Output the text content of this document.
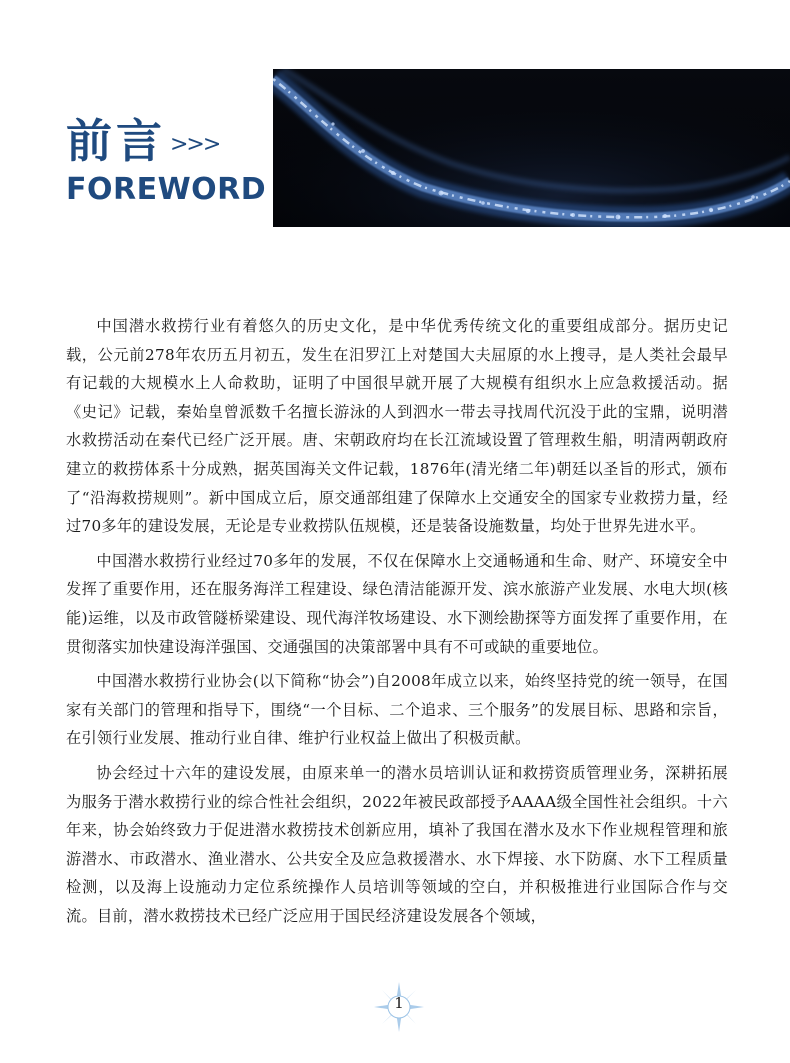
前言 >>>
FOREWORD

中国潜水救捞行业有着悠久的历史文化，是中华优秀传统文化的重要组成部分。据历史记载，公元前278年农历五月初五，发生在汨罗江上对楚国大夫屈原的水上搜寻，是人类社会最早有记载的大规模水上人命救助，证明了中国很早就开展了大规模有组织水上应急救援活动。据《史记》记载，秦始皇曾派数千名擅长游泳的人到泗水一带去寻找周代沉没于此的宝鼎，说明潜水救捞活动在秦代已经广泛开展。唐、宋朝政府均在长江流域设置了管理救生船，明清两朝政府建立的救捞体系十分成熟，据英国海关文件记载，1876年(清光绪二年)朝廷以圣旨的形式，颁布了“沿海救捞规则”。新中国成立后，原交通部组建了保障水上交通安全的国家专业救捞力量，经过70多年的建设发展，无论是专业救捞队伍规模，还是装备设施数量，均处于世界先进水平。

中国潜水救捞行业经过70多年的发展，不仅在保障水上交通畅通和生命、财产、环境安全中发挥了重要作用，还在服务海洋工程建设、绿色清洁能源开发、滨水旅游产业发展、水电大坝(核能)运维，以及市政管隧桥梁建设、现代海洋牧场建设、水下测绘勘探等方面发挥了重要作用，在贯彻落实加快建设海洋强国、交通强国的决策部署中具有不可或缺的重要地位。

中国潜水救捞行业协会(以下简称“协会”)自2008年成立以来，始终坚持党的统一领导，在国家有关部门的管理和指导下，围绕“一个目标、二个追求、三个服务”的发展目标、思路和宗旨，在引领行业发展、推动行业自律、维护行业权益上做出了积极贡献。

协会经过十六年的建设发展，由原来单一的潜水员培训认证和救捞资质管理业务，深耕拓展为服务于潜水救捞行业的综合性社会组织，2022年被民政部授予AAAA级全国性社会组织。十六年来，协会始终致力于促进潜水救捞技术创新应用，填补了我国在潜水及水下作业规程管理和旅游潜水、市政潜水、渔业潜水、公共安全及应急救援潜水、水下焊接、水下防腐、水下工程质量检测，以及海上设施动力定位系统操作人员培训等领域的空白，并积极推进行业国际合作与交流。目前，潜水救捞技术已经广泛应用于国民经济建设发展各个领域，

1
